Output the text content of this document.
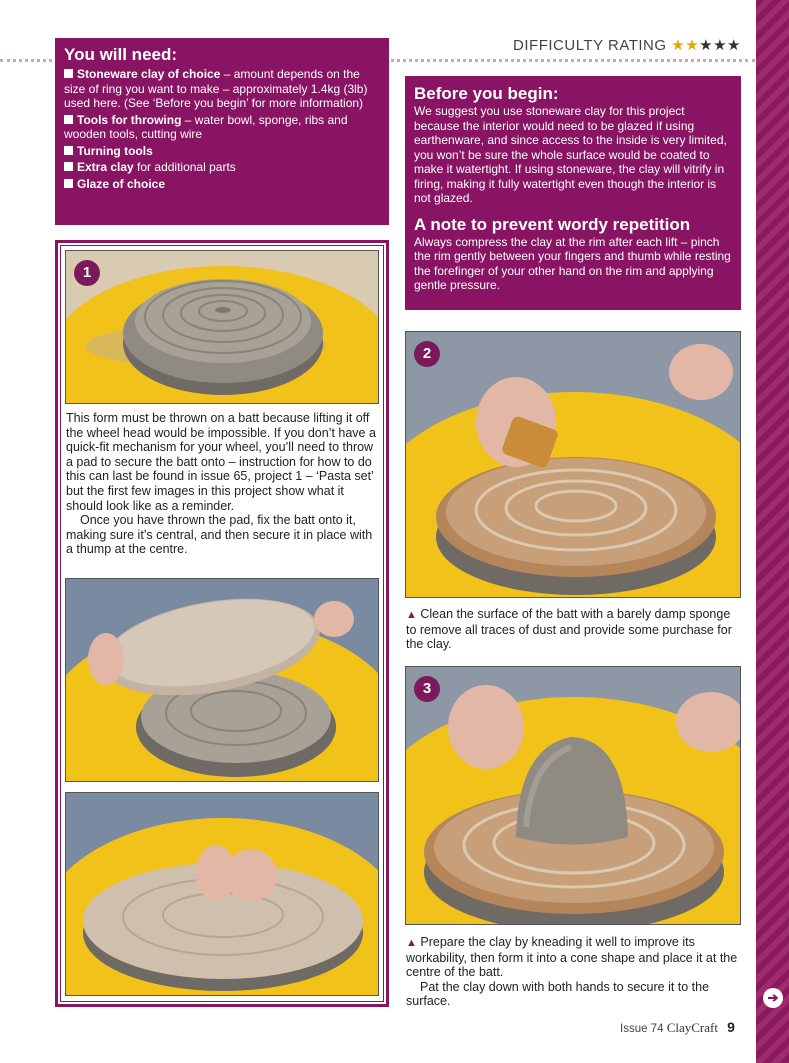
DIFFICULTY RATING ★★★★★
You will need:
Stoneware clay of choice – amount depends on the size of ring you want to make – approximately 1.4kg (3lb) used here. (See ‘Before you begin’ for more information)
Tools for throwing – water bowl, sponge, ribs and wooden tools, cutting wire
Turning tools
Extra clay for additional parts
Glaze of choice
Before you begin:

We suggest you use stoneware clay for this project because the interior would need to be glazed if using earthenware, and since access to the inside is very limited, you won’t be sure the whole surface would be coated to make it watertight. If using stoneware, the clay will vitrify in firing, making it fully watertight even though the interior is not glazed.

A note to prevent wordy repetition

Always compress the clay at the rim after each lift – pinch the rim gently between your fingers and thumb while resting the forefinger of your other hand on the rim and applying gentle pressure.

1

This form must be thrown on a batt because lifting it off the wheel head would be impossible. If you don’t have a quick-fit mechanism for your wheel, you’ll need to throw a pad to secure the batt onto – instruction for how to do this can last be found in issue 65, project 1 – ‘Pasta set’ but the first few images in this project show what it should look like as a reminder.

Once you have thrown the pad, fix the batt onto it, making sure it’s central, and then secure it in place with a thump at the centre.

2

▲ Clean the surface of the batt with a barely damp sponge to remove all traces of dust and provide some purchase for the clay.

3

▲ Prepare the clay by kneading it well to improve its workability, then form it into a cone shape and place it at the centre of the batt.

Pat the clay down with both hands to secure it to the surface.

Issue 74 ClayCraft 9
➔
